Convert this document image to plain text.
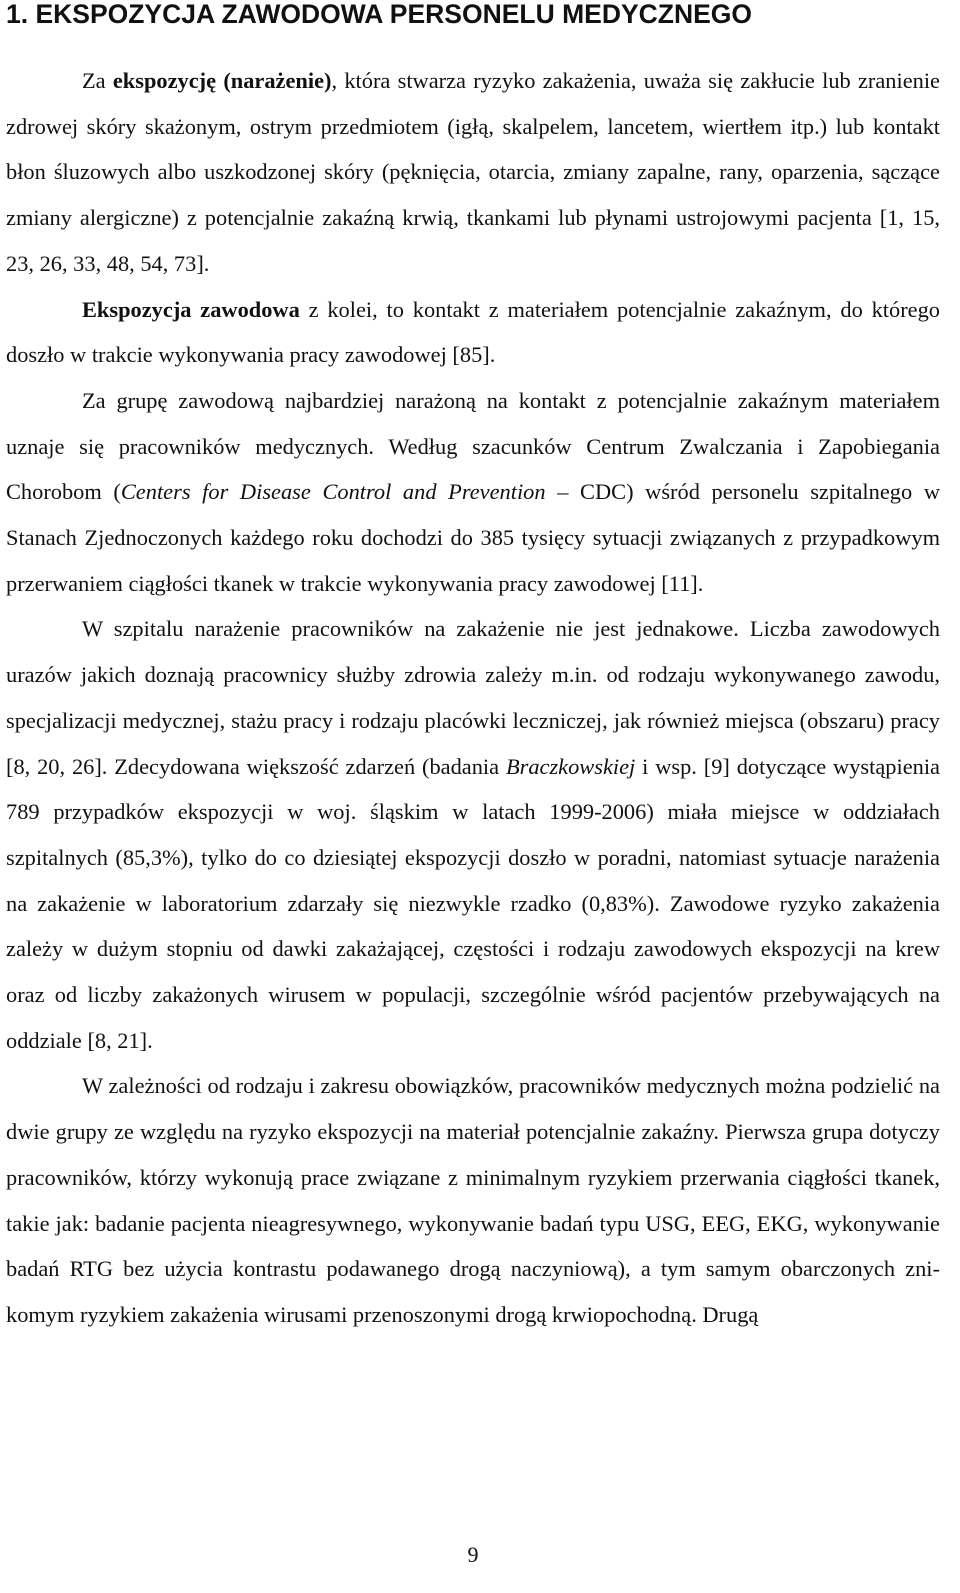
1. EKSPOZYCJA ZAWODOWA PERSONELU MEDYCZNEGO

Za ekspozycję (narażenie), która stwarza ryzyko zakażenia, uważa się zakłucie lub zranienie zdrowej skóry skażonym, ostrym przedmiotem (igłą, skalpelem, lancetem, wiertłem itp.) lub kontakt błon śluzowych albo uszkodzonej skóry (pęknięcia, otarcia, zmiany zapalne, rany, oparzenia, sączące zmiany alergiczne) z potencjalnie zakaźną krwią, tkankami lub płynami ustrojowymi pacjenta [1, 15, 23, 26, 33, 48, 54, 73].

Ekspozycja zawodowa z kolei, to kontakt z materiałem potencjalnie zakaźnym, do którego doszło w trakcie wykonywania pracy zawodowej [85].

Za grupę zawodową najbardziej narażoną na kontakt z potencjalnie zakaźnym materiałem uznaje się pracowników medycznych. Według szacunków Centrum Zwalczania i Zapobiegania Chorobom (Centers for Disease Control and Prevention – CDC) wśród personelu szpitalnego w Stanach Zjednoczonych każdego roku dochodzi do 385 tysięcy sytuacji związanych z przypadkowym przerwaniem ciągłości tkanek w trakcie wykonywania pracy zawodowej [11].

W szpitalu narażenie pracowników na zakażenie nie jest jednakowe. Liczba zawodowych urazów jakich doznają pracownicy służby zdrowia zależy m.in. od rodzaju wykonywanego zawodu, specjalizacji medycznej, stażu pracy i rodzaju placówki leczniczej, jak również miejsca (obszaru) pracy [8, 20, 26]. Zdecydowana większość zdarzeń (badania Braczkowskiej i wsp. [9] dotyczące wystąpienia 789 przypadków ekspozycji w woj. śląskim w latach 1999-2006) miała miejsce w oddziałach szpitalnych (85,3%), tylko do co dziesiątej ekspozycji doszło w poradni, natomiast sytuacje narażenia na zakażenie w laboratorium zdarzały się niezwykle rzadko (0,83%). Zawodowe ryzyko zakażenia zależy w dużym stopniu od dawki zakażającej, częstości i rodzaju zawodowych ekspozycji na krew oraz od liczby zakażonych wirusem w populacji, szczególnie wśród pacjentów przebywających na oddziale [8, 21].

W zależności od rodzaju i zakresu obowiązków, pracowników medycznych można podzielić na dwie grupy ze względu na ryzyko ekspozycji na materiał potencjalnie zakaźny. Pierwsza grupa dotyczy pracowników, którzy wykonują prace związane z minimalnym ryzykiem przerwania ciągłości tkanek, takie jak: badanie pacjenta nieagresywnego, wykonywanie badań typu USG, EEG, EKG, wykonywanie badań RTG bez użycia kontrastu podawanego drogą naczyniową), a tym samym obarczonych znikomym ryzykiem zakażenia wirusami przenoszonymi drogą krwiopochodną. Drugą

9
